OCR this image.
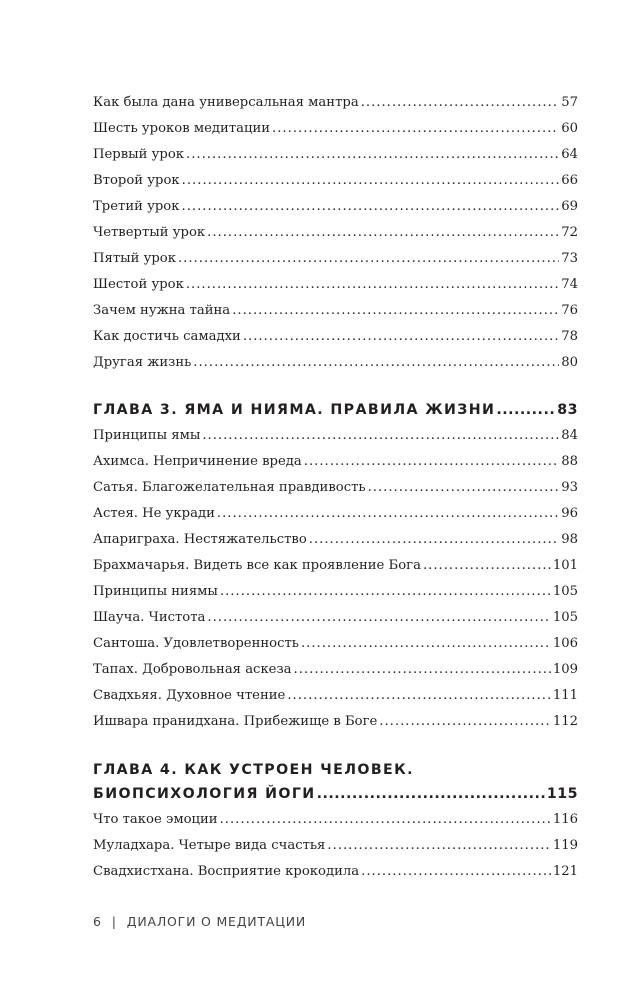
Как была дана универсальная мантра .....	57
Шесть уроков медитации .....	60
Первый урок .....	64
Второй урок .....	66
Третий урок .....	69
Четвертый урок .....	72
Пятый урок .....	73
Шестой урок .....	74
Зачем нужна тайна .....	76
Как достичь самадхи .....	78
Другая жизнь .....	80
ГЛАВА 3. ЯМА И НИЯМА. ПРАВИЛА ЖИЗНИ .....	83
Принципы ямы .....	84
Ахимса. Непричинение вреда .....	88
Сатья. Благожелательная правдивость .....	93
Астея. Не укради .....	96
Апариграха. Нестяжательство .....	98
Брахмачарья. Видеть все как проявление Бога .....	101
Принципы ниямы .....	105
Шауча. Чистота .....	105
Сантоша. Удовлетворенность .....	106
Тапах. Добровольная аскеза .....	109
Свадхьяя. Духовное чтение .....	111
Ишвара пранидхана. Прибежище в Боге .....	112
ГЛАВА 4. КАК УСТРОЕН ЧЕЛОВЕК.
БИОПСИХОЛОГИЯ ЙОГИ .....	115
Что такое эмоции .....	116
Муладхара. Четыре вида счастья .....	119
Свадхистхана. Восприятие крокодила .....	121
6 | ДИАЛОГИ О МЕДИТАЦИИ
